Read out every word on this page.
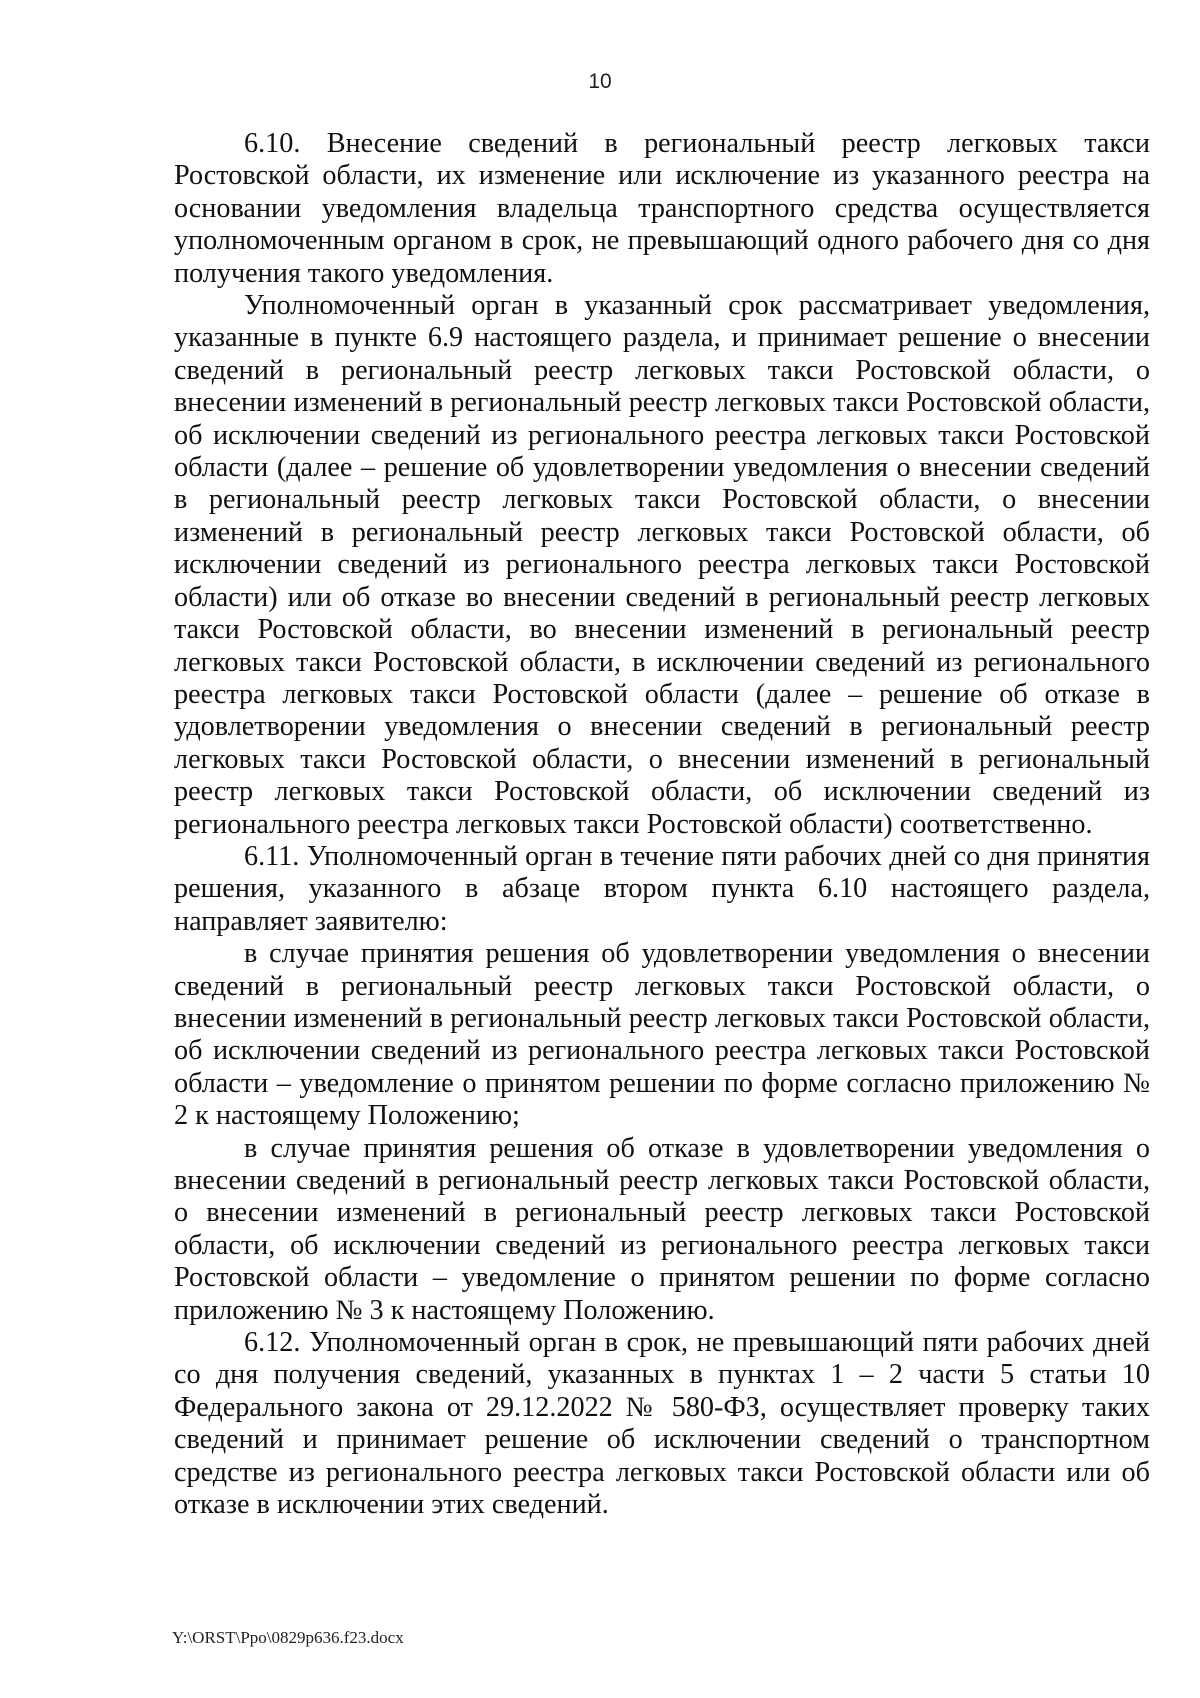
10

6.10. Внесение сведений в региональный реестр легковых такси Ростовской области, их изменение или исключение из указанного реестра на основании уведомления владельца транспортного средства осуществляется уполномоченным органом в срок, не превышающий одного рабочего дня со дня получения такого уведомления.

Уполномоченный орган в указанный срок рассматривает уведомления, указанные в пункте 6.9 настоящего раздела, и принимает решение о внесении сведений в региональный реестр легковых такси Ростовской области, о внесении изменений в региональный реестр легковых такси Ростовской области, об исключении сведений из регионального реестра легковых такси Ростовской области (далее – решение об удовлетворении уведомления о внесении сведений в региональный реестр легковых такси Ростовской области, о внесении изменений в региональный реестр легковых такси Ростовской области, об исключении сведений из регионального реестра легковых такси Ростовской области) или об отказе во внесении сведений в региональный реестр легковых такси Ростовской области, во внесении изменений в региональный реестр легковых такси Ростовской области, в исключении сведений из регионального реестра легковых такси Ростовской области (далее – решение об отказе в удовлетворении уведомления о внесении сведений в региональный реестр легковых такси Ростовской области, о внесении изменений в региональный реестр легковых такси Ростовской области, об исключении сведений из регионального реестра легковых такси Ростовской области) соответственно.

6.11. Уполномоченный орган в течение пяти рабочих дней со дня принятия решения, указанного в абзаце втором пункта 6.10 настоящего раздела, направляет заявителю:

в случае принятия решения об удовлетворении уведомления о внесении сведений в региональный реестр легковых такси Ростовской области, о внесении изменений в региональный реестр легковых такси Ростовской области, об исключении сведений из регионального реестра легковых такси Ростовской области – уведомление о принятом решении по форме согласно приложению № 2 к настоящему Положению;

в случае принятия решения об отказе в удовлетворении уведомления о внесении сведений в региональный реестр легковых такси Ростовской области, о внесении изменений в региональный реестр легковых такси Ростовской области, об исключении сведений из регионального реестра легковых такси Ростовской области – уведомление о принятом решении по форме согласно приложению № 3 к настоящему Положению.

6.12. Уполномоченный орган в срок, не превышающий пяти рабочих дней со дня получения сведений, указанных в пунктах 1 – 2 части 5 статьи 10 Федерального закона от 29.12.2022 № 580-ФЗ, осуществляет проверку таких сведений и принимает решение об исключении сведений о транспортном средстве из регионального реестра легковых такси Ростовской области или об отказе в исключении этих сведений.

Y:\ORST\Ppo\0829p636.f23.docx
